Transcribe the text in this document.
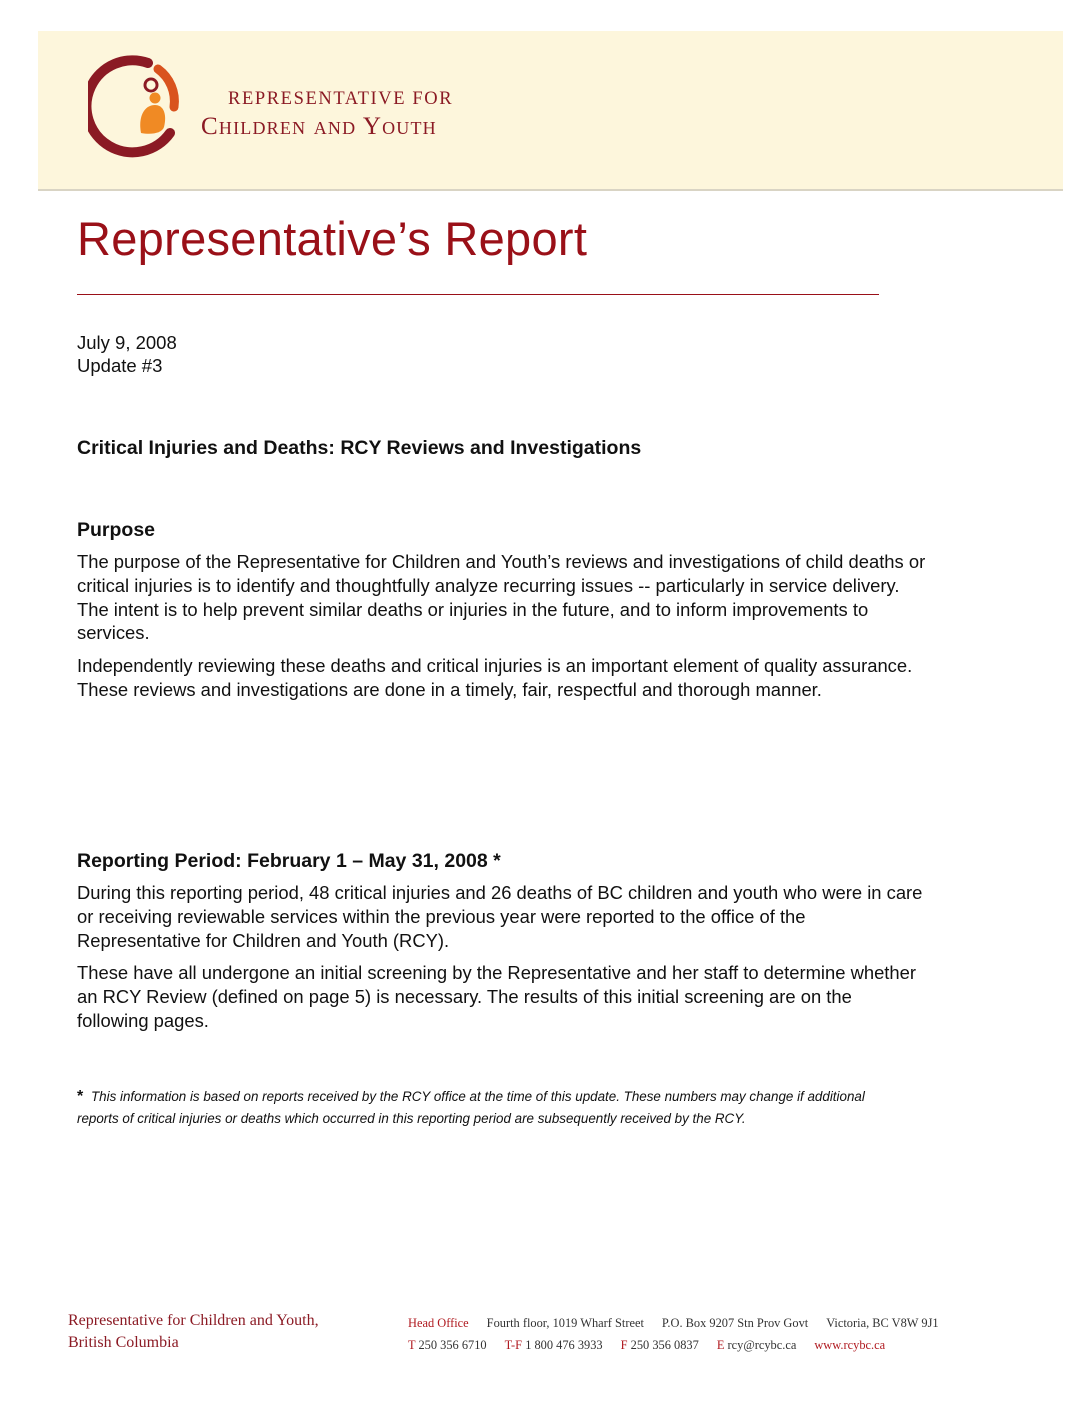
REPRESENTATIVE FOR
Children and Youth
Representative’s Report
July 9, 2008
Update #3
Critical Injuries and Deaths: RCY Reviews and Investigations
Purpose

The purpose of the Representative for Children and Youth’s reviews and investigations of child deaths or critical injuries is to identify and thoughtfully analyze recurring issues -- particularly in service delivery. The intent is to help prevent similar deaths or injuries in the future, and to inform improvements to services.

Independently reviewing these deaths and critical injuries is an important element of quality assurance. These reviews and investigations are done in a timely, fair, respectful and thorough manner.

Reporting Period: February 1 – May 31, 2008 *

During this reporting period, 48 critical injuries and 26 deaths of BC children and youth who were in care or receiving reviewable services within the previous year were reported to the office of the Representative for Children and Youth (RCY).

These have all undergone an initial screening by the Representative and her staff to determine whether an RCY Review (defined on page 5) is necessary. The results of this initial screening are on the following pages.

* This information is based on reports received by the RCY office at the time of this update. These numbers may change if additional reports of critical injuries or deaths which occurred in this reporting period are subsequently received by the RCY.
Representative for Children and Youth,
British Columbia
Head Office Fourth floor, 1019 Wharf Street P.O. Box 9207 Stn Prov Govt Victoria, BC V8W 9J1
T 250 356 6710 T-F 1 800 476 3933 F 250 356 0837 E rcy@rcybc.ca www.rcybc.ca
